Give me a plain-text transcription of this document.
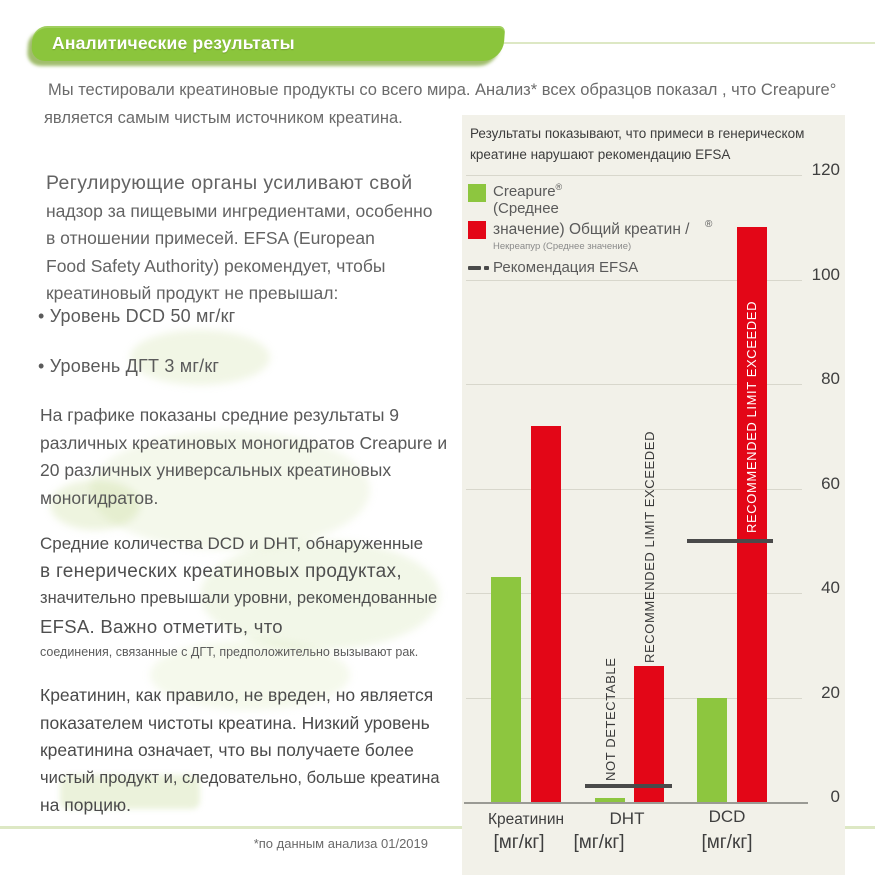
Аналитические результаты
Мы тестировали креатиновые продукты со всего мира. Анализ* всех образцов показал , что Creapure°
является самым чистым источником креатина.
Регулирующие органы усиливают свой
надзор за пищевыми ингредиентами, особенно
в отношении примесей. EFSA (European
Food Safety Authority) рекомендует, чтобы
креатиновый продукт не превышал:
• Уровень DCD 50 мг/кг
• Уровень ДГТ 3 мг/кг
На графике показаны средние результаты 9
различных креатиновых моногидратов Creapure и
20 различных универсальных креатиновых
моногидратов.
Средние количества DCD и DHT, обнаруженные
в генерических креатиновых продуктах,
значительно превышали уровни, рекомендованные
EFSA. Важно отметить, что
соединения, связанные с ДГТ, предположительно вызывают рак.
Креатинин, как правило, не вреден, но является
показателем чистоты креатина. Низкий уровень
креатинина означает, что вы получаете более
чистый продукт и, следовательно, больше креатина
на порцию.
*по данным анализа 01/2019
Результаты показывают, что примеси в генерическом креатине нарушают рекомендацию EFSA
Creapure®
(Среднее
значение) Общий креатин / ®
Некреапур (Среднее значение)
Рекомендация EFSA
0
20
40
60
80
100
120
NOT DETECTABLE
RECOMMENDED LIMIT EXCEEDED
RECOMMENDED LIMIT EXCEEDED
Креатинин
[мг/кг]
DHT
[мг/кг]
DCD
[мг/кг]
